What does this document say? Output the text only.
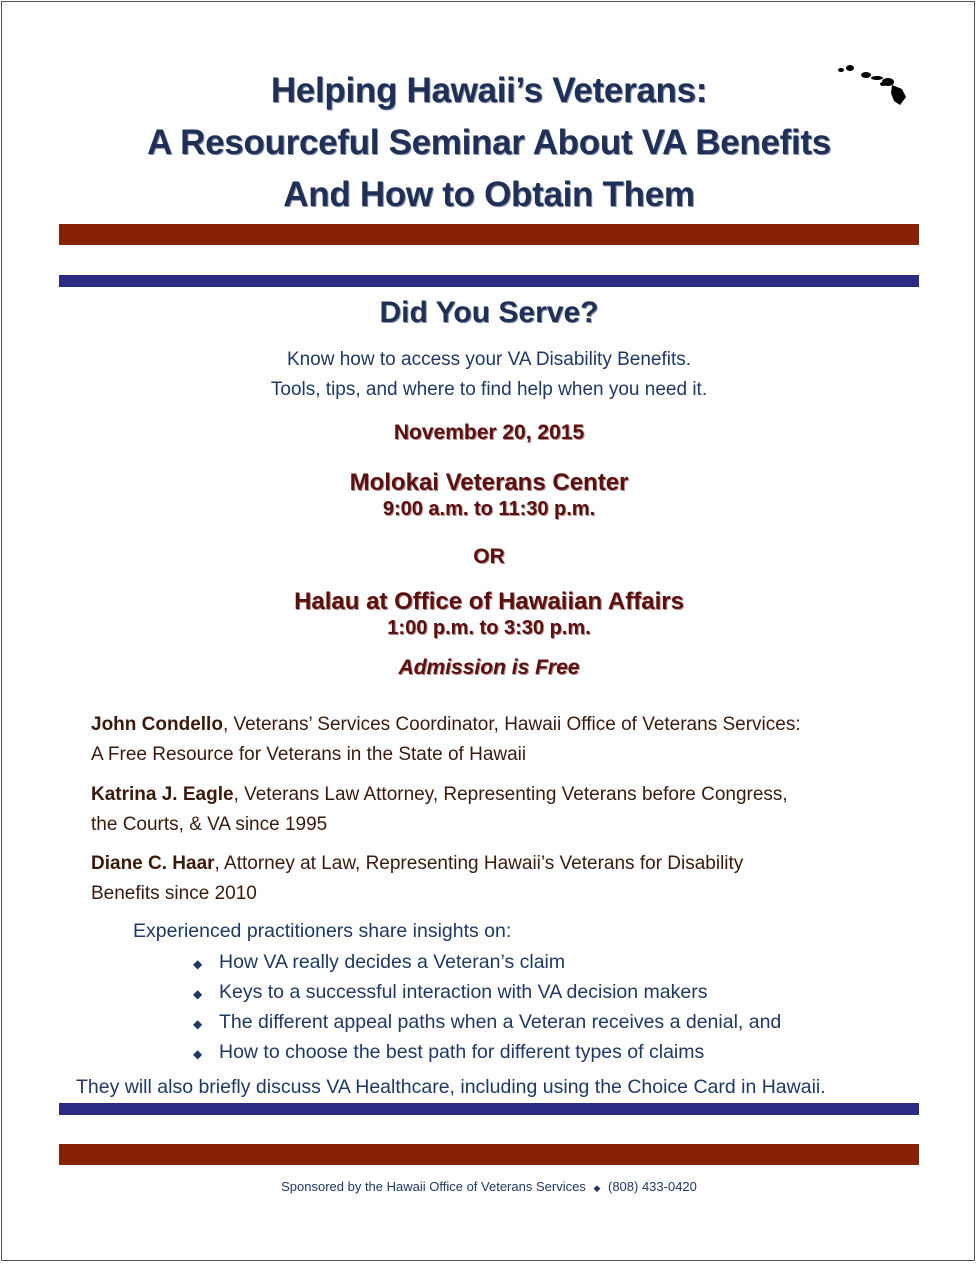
Helping Hawaii’s Veterans:
A Resourceful Seminar About VA Benefits
And How to Obtain Them
Did You Serve?
Know how to access your VA Disability Benefits.
Tools, tips, and where to find help when you need it.
November 20, 2015
Molokai Veterans Center
9:00 a.m. to 11:30 p.m.
OR
Halau at Office of Hawaiian Affairs
1:00 p.m. to 3:30 p.m.
Admission is Free
John Condello, Veterans’ Services Coordinator, Hawaii Office of Veterans Services:
A Free Resource for Veterans in the State of Hawaii
Katrina J. Eagle, Veterans Law Attorney, Representing Veterans before Congress,
the Courts, & VA since 1995
Diane C. Haar, Attorney at Law, Representing Hawaii’s Veterans for Disability
Benefits since 2010
Experienced practitioners share insights on:
◆ How VA really decides a Veteran’s claim
◆ Keys to a successful interaction with VA decision makers
◆ The different appeal paths when a Veteran receives a denial, and
◆ How to choose the best path for different types of claims
They will also briefly discuss VA Healthcare, including using the Choice Card in Hawaii.
Sponsored by the Hawaii Office of Veterans Services ◆ (808) 433-0420
